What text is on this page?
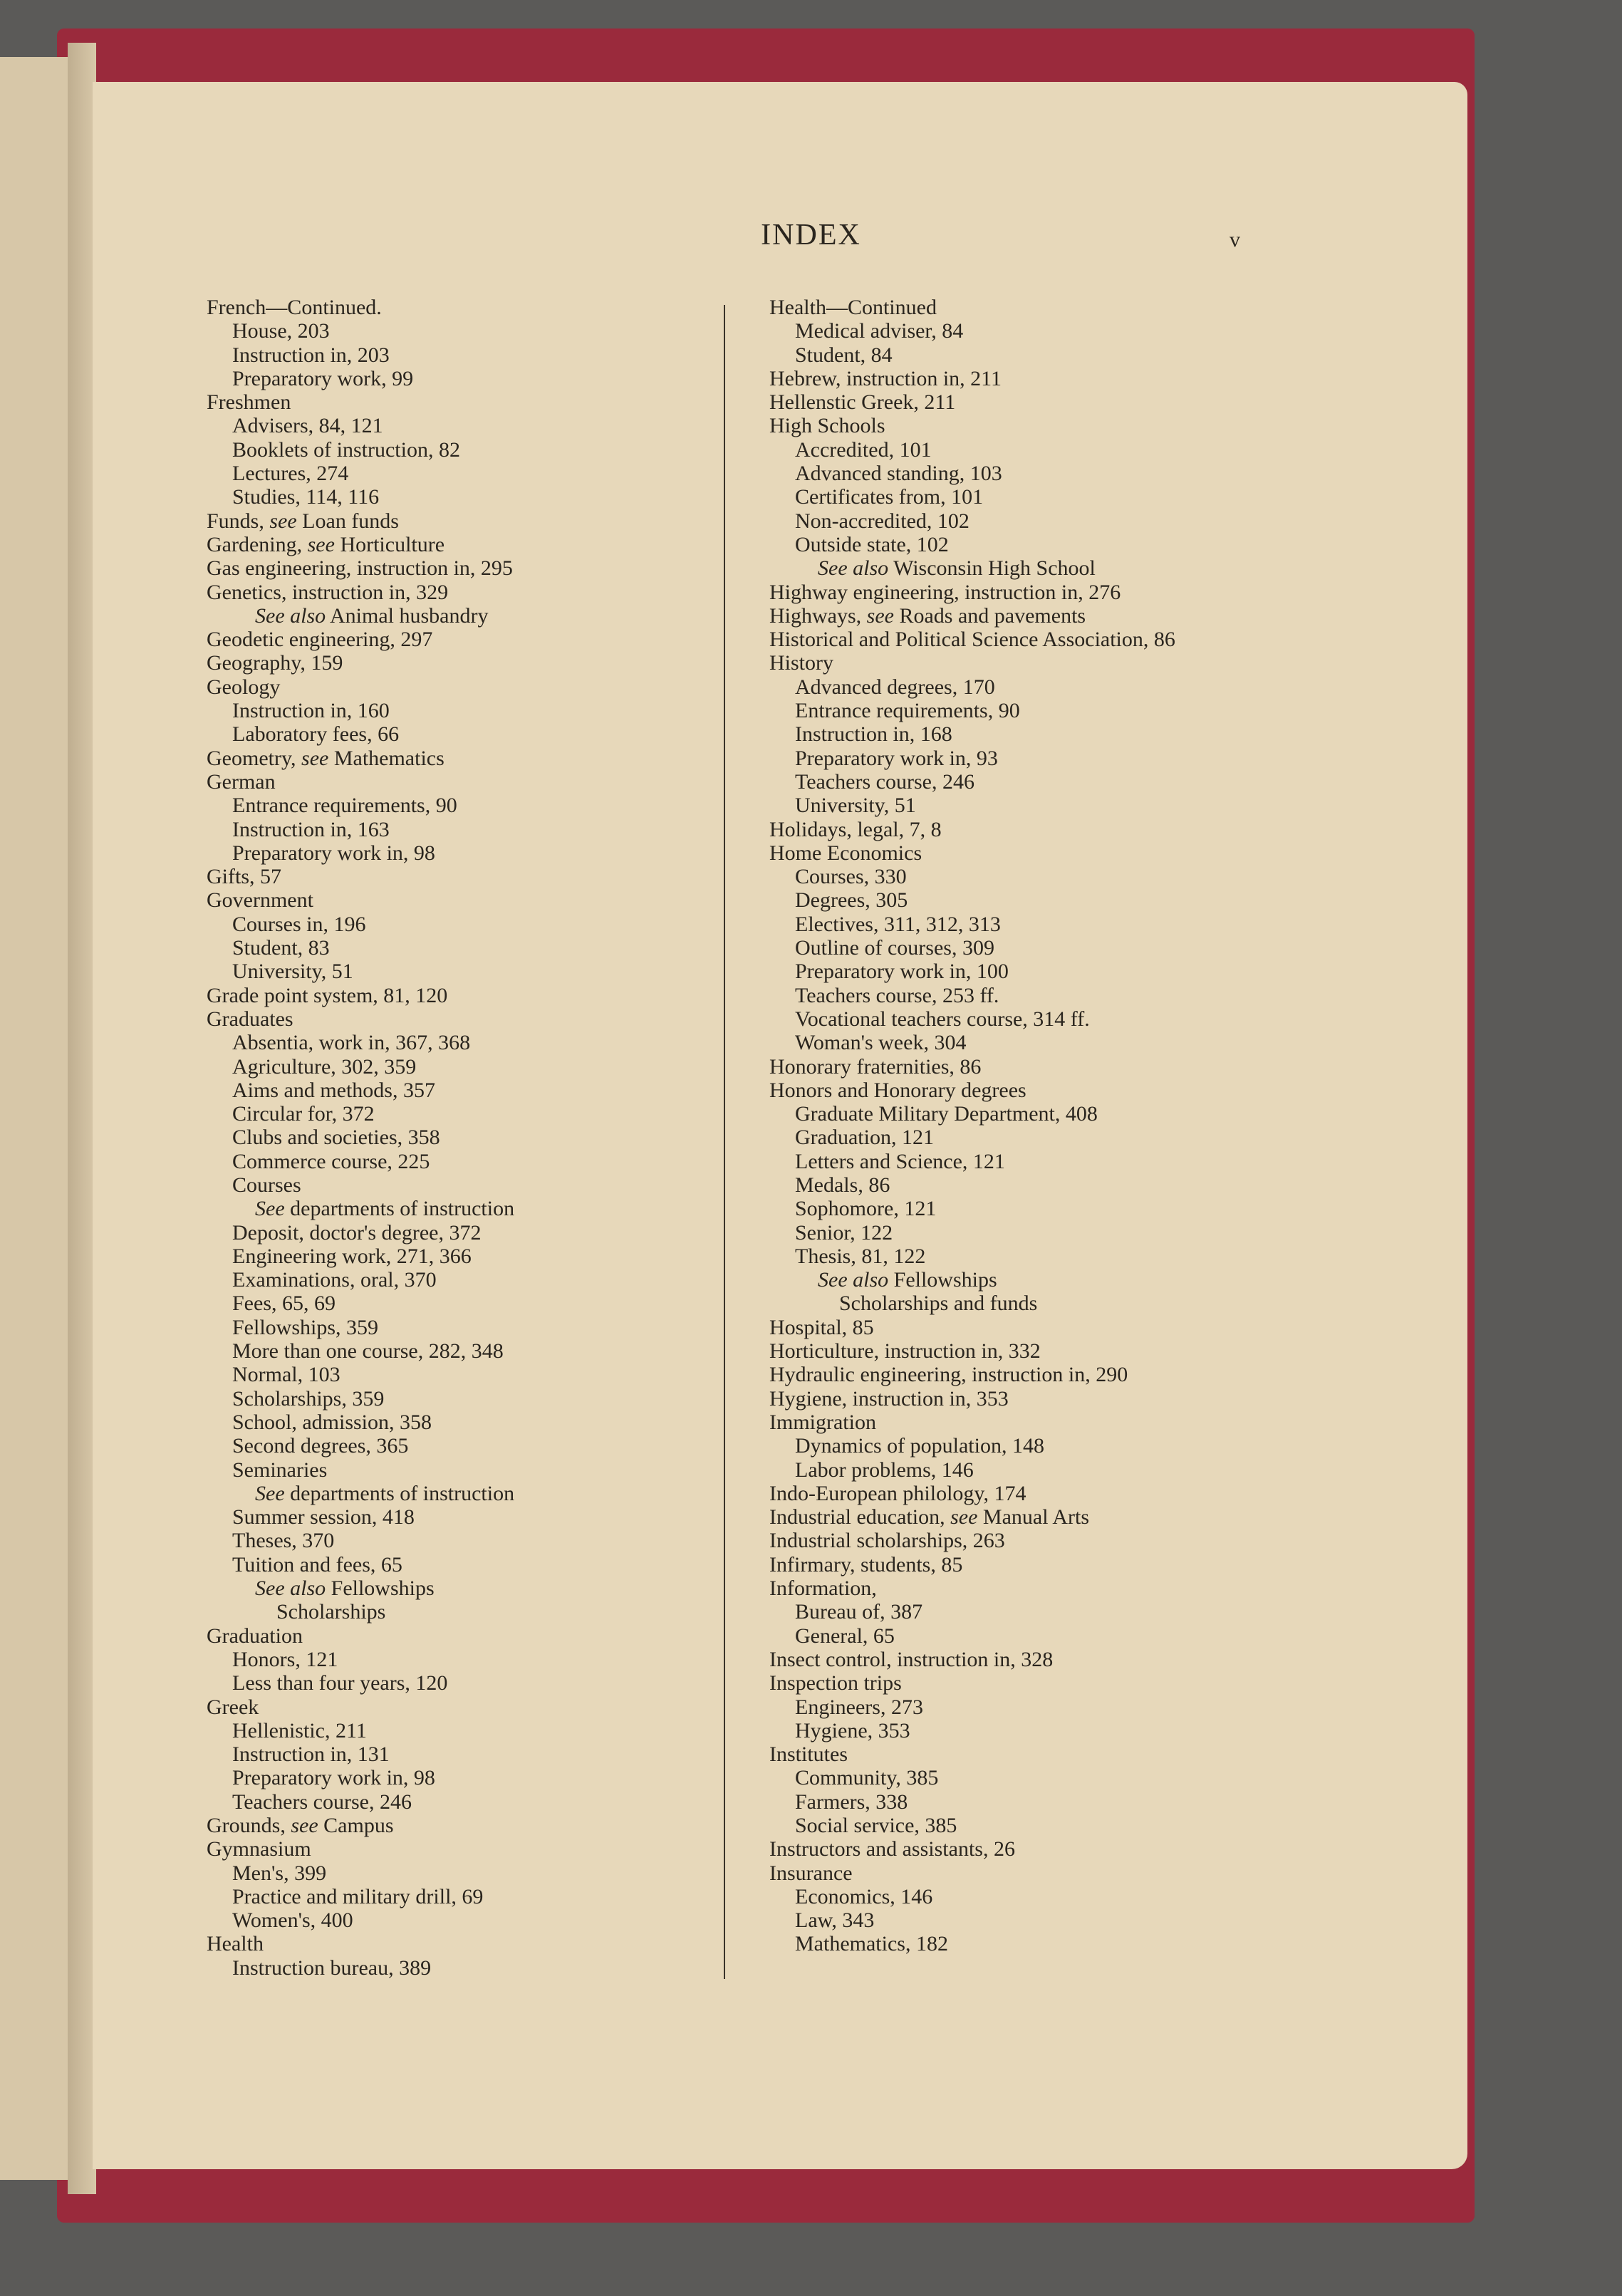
INDEX	v
French—Continued.
House, 203
Instruction in, 203
Preparatory work, 99
Freshmen
Advisers, 84, 121
Booklets of instruction, 82
Lectures, 274
Studies, 114, 116
Funds, see Loan funds
Gardening, see Horticulture
Gas engineering, instruction in, 295
Genetics, instruction in, 329
See also Animal husbandry
Geodetic engineering, 297
Geography, 159
Geology
Instruction in, 160
Laboratory fees, 66
Geometry, see Mathematics
German
Entrance requirements, 90
Instruction in, 163
Preparatory work in, 98
Gifts, 57
Government
Courses in, 196
Student, 83
University, 51
Grade point system, 81, 120
Graduates
Absentia, work in, 367, 368
Agriculture, 302, 359
Aims and methods, 357
Circular for, 372
Clubs and societies, 358
Commerce course, 225
Courses
See departments of instruction
Deposit, doctor's degree, 372
Engineering work, 271, 366
Examinations, oral, 370
Fees, 65, 69
Fellowships, 359
More than one course, 282, 348
Normal, 103
Scholarships, 359
School, admission, 358
Second degrees, 365
Seminaries
See departments of instruction
Summer session, 418
Theses, 370
Tuition and fees, 65
See also Fellowships
Scholarships
Graduation
Honors, 121
Less than four years, 120
Greek
Hellenistic, 211
Instruction in, 131
Preparatory work in, 98
Teachers course, 246
Grounds, see Campus
Gymnasium
Men's, 399
Practice and military drill, 69
Women's, 400
Health
Instruction bureau, 389
Health—Continued
Medical adviser, 84
Student, 84
Hebrew, instruction in, 211
Hellenstic Greek, 211
High Schools
Accredited, 101
Advanced standing, 103
Certificates from, 101
Non-accredited, 102
Outside state, 102
See also Wisconsin High School
Highway engineering, instruction in, 276
Highways, see Roads and pavements
Historical and Political Science Association, 86
History
Advanced degrees, 170
Entrance requirements, 90
Instruction in, 168
Preparatory work in, 93
Teachers course, 246
University, 51
Holidays, legal, 7, 8
Home Economics
Courses, 330
Degrees, 305
Electives, 311, 312, 313
Outline of courses, 309
Preparatory work in, 100
Teachers course, 253 ff.
Vocational teachers course, 314 ff.
Woman's week, 304
Honorary fraternities, 86
Honors and Honorary degrees
Graduate Military Department, 408
Graduation, 121
Letters and Science, 121
Medals, 86
Sophomore, 121
Senior, 122
Thesis, 81, 122
See also Fellowships
Scholarships and funds
Hospital, 85
Horticulture, instruction in, 332
Hydraulic engineering, instruction in, 290
Hygiene, instruction in, 353
Immigration
Dynamics of population, 148
Labor problems, 146
Indo-European philology, 174
Industrial education, see Manual Arts
Industrial scholarships, 263
Infirmary, students, 85
Information,
Bureau of, 387
General, 65
Insect control, instruction in, 328
Inspection trips
Engineers, 273
Hygiene, 353
Institutes
Community, 385
Farmers, 338
Social service, 385
Instructors and assistants, 26
Insurance
Economics, 146
Law, 343
Mathematics, 182
